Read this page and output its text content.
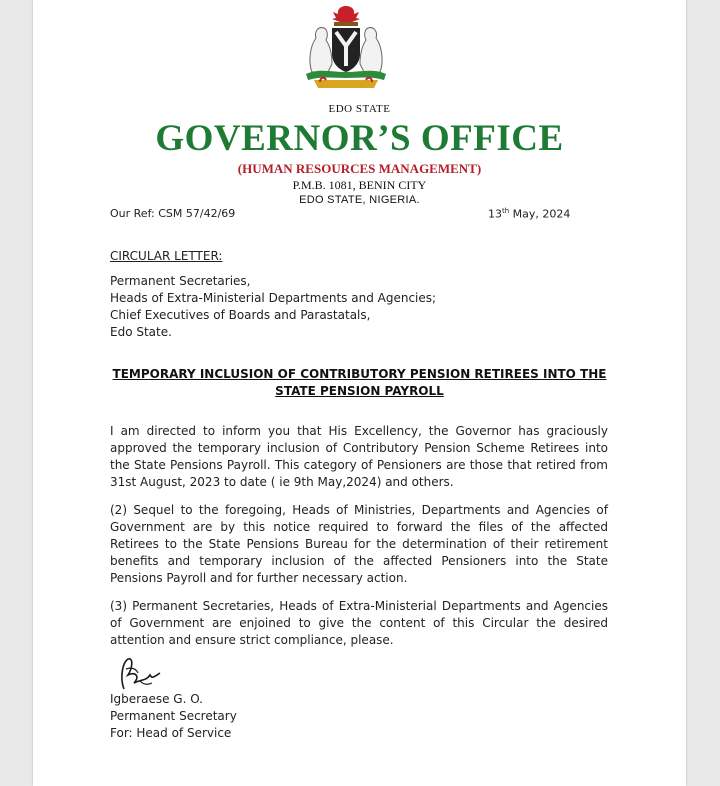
EDO STATE
GOVERNOR’S OFFICE
(HUMAN RESOURCES MANAGEMENT)
P.M.B. 1081, BENIN CITY
EDO STATE, NIGERIA.
Our Ref: CSM 57/42/69	13th May, 2024
CIRCULAR LETTER:
Permanent Secretaries,
Heads of Extra-Ministerial Departments and Agencies;
Chief Executives of Boards and Parastatals,
Edo State.
TEMPORARY INCLUSION OF CONTRIBUTORY PENSION RETIREES INTO THE
STATE PENSION PAYROLL

I am directed to inform you that His Excellency, the Governor has graciously approved the temporary inclusion of Contributory Pension Scheme Retirees into the State Pensions Payroll. This category of Pensioners are those that retired from 31st August, 2023 to date ( ie 9th May,2024) and others.

(2) Sequel to the foregoing, Heads of Ministries, Departments and Agencies of Government are by this notice required to forward the files of the affected Retirees to the State Pensions Bureau for the determination of their retirement benefits and temporary inclusion of the affected Pensioners into the State Pensions Payroll and for further necessary action.

(3) Permanent Secretaries, Heads of Extra-Ministerial Departments and Agencies of Government are enjoined to give the content of this Circular the desired attention and ensure strict compliance, please.

Igberaese G. O.
Permanent Secretary
For: Head of Service
